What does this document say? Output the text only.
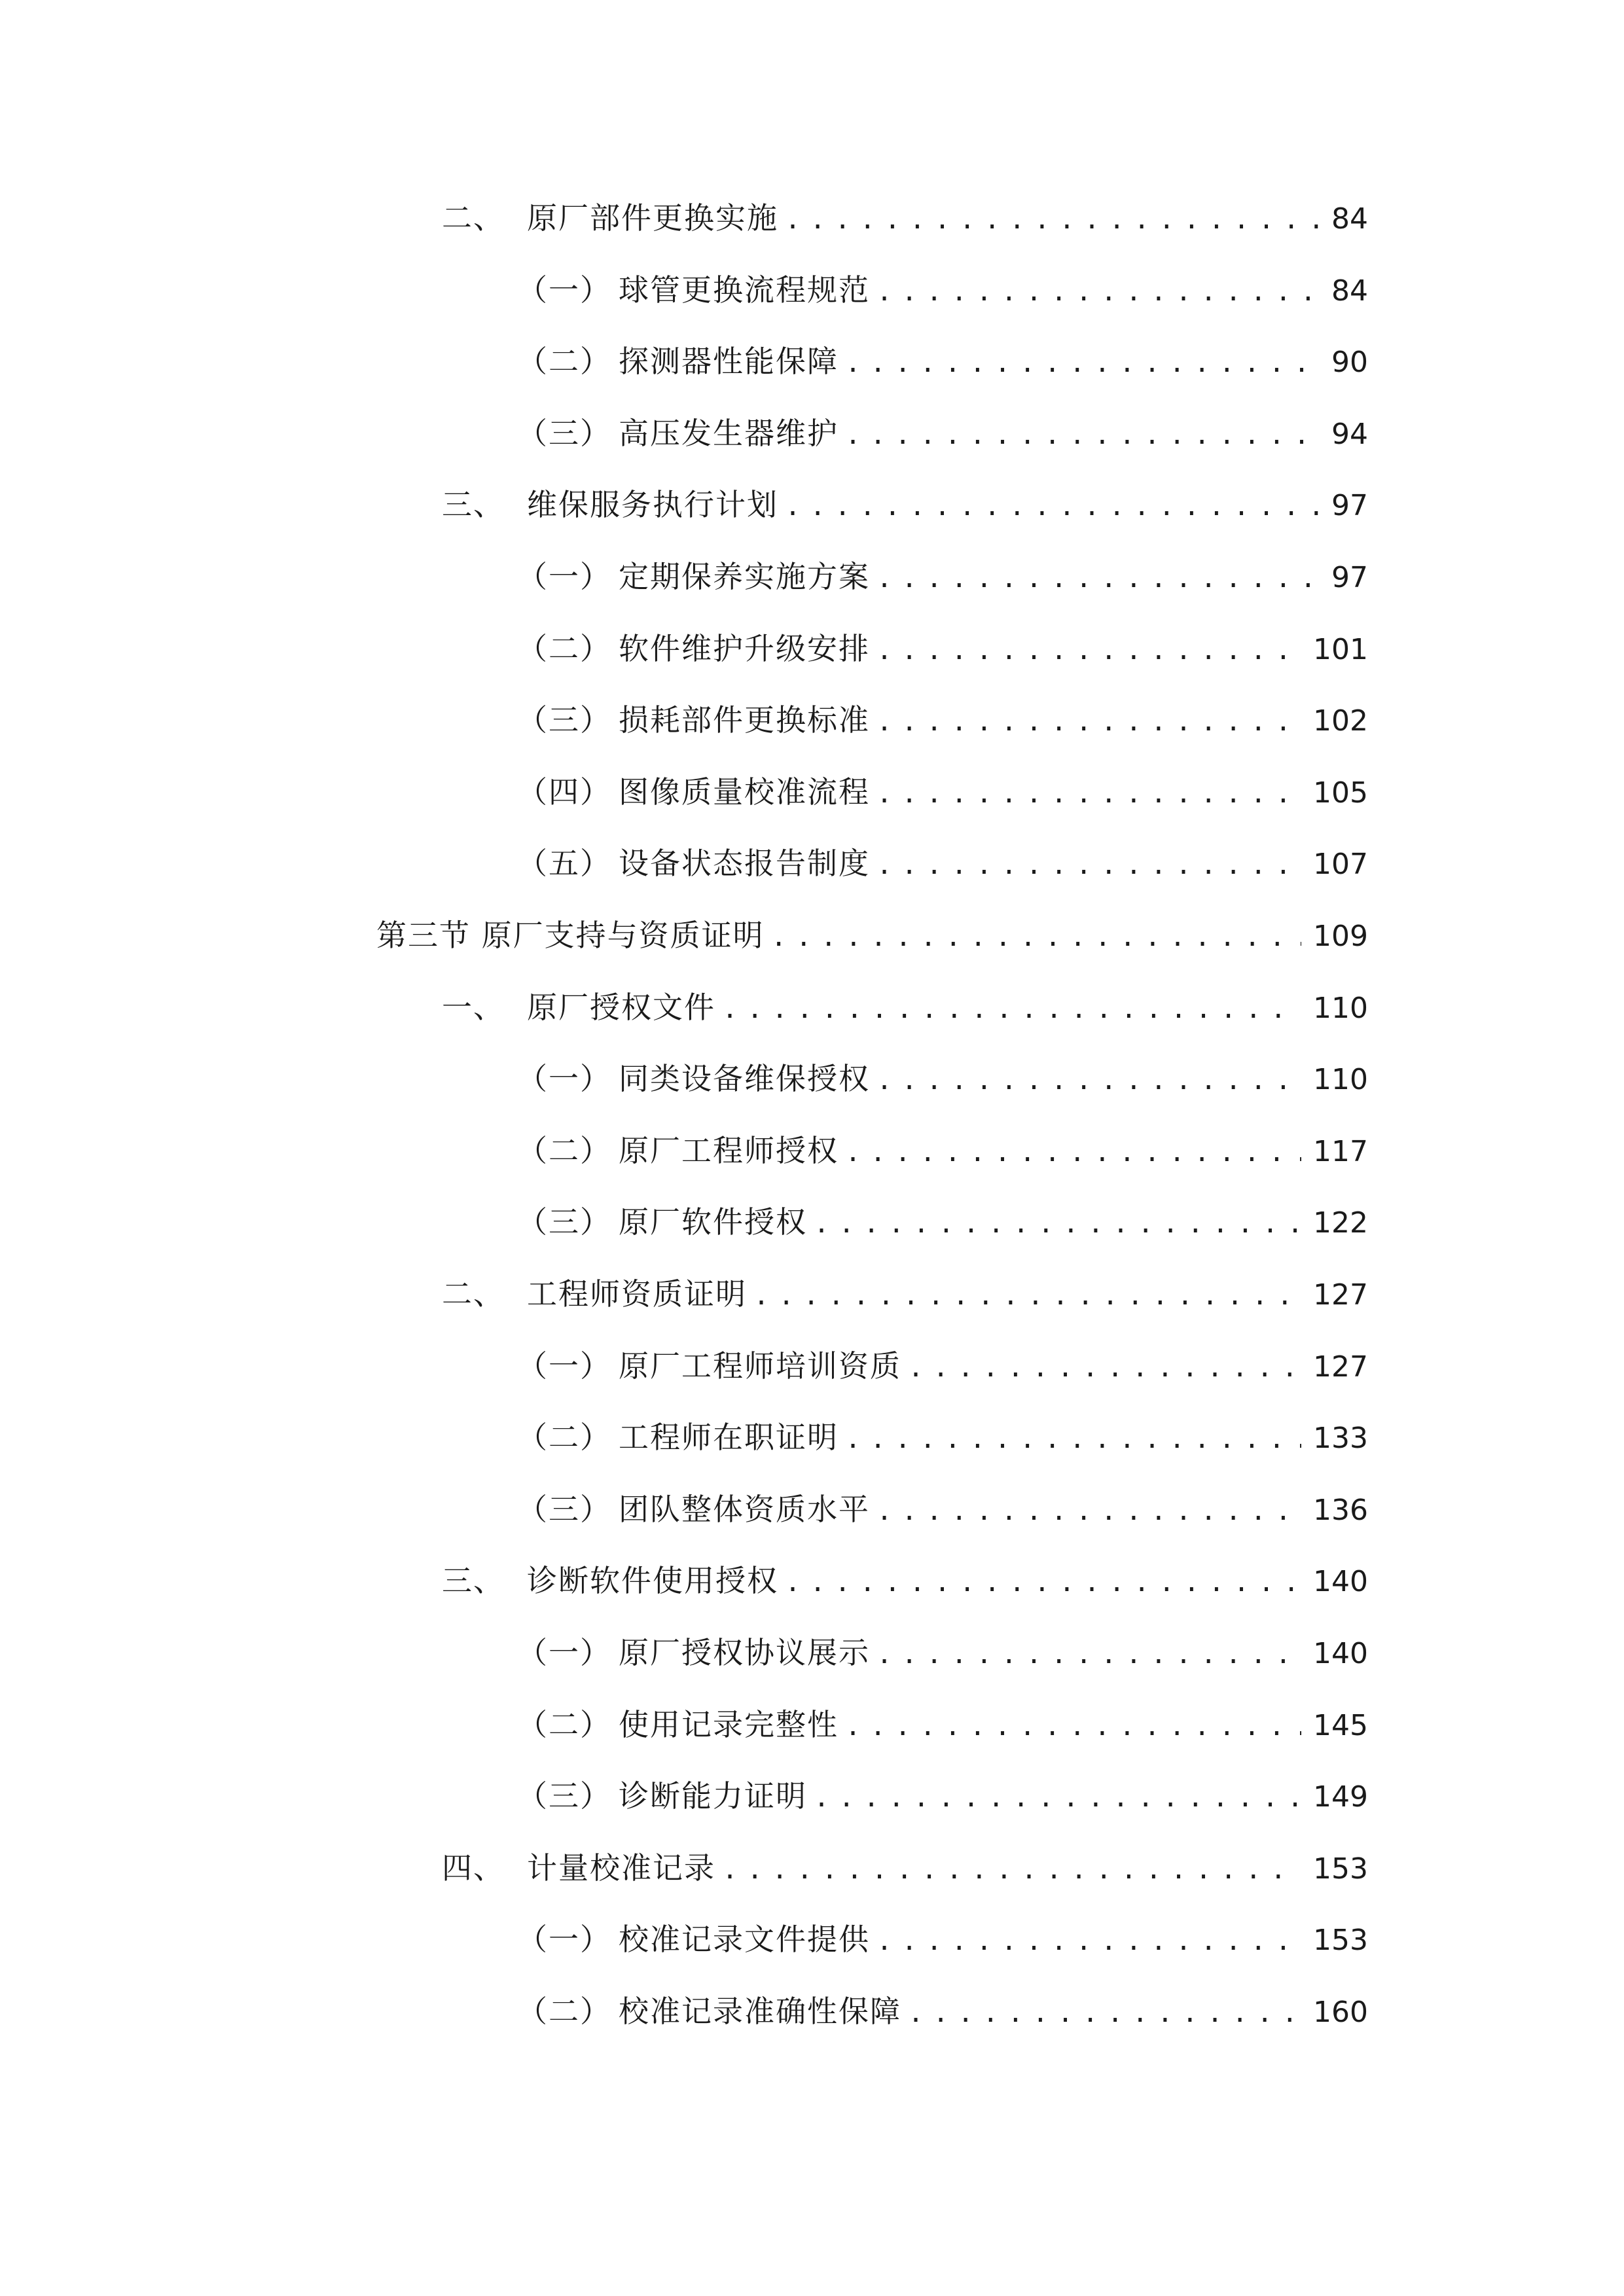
二、 原厂部件更换实施 .....	84
（一） 球管更换流程规范 .....	84
（二） 探测器性能保障 .....	90
（三） 高压发生器维护 .....	94
三、 维保服务执行计划 .....	97
（一） 定期保养实施方案 .....	97
（二） 软件维护升级安排 .....	101
（三） 损耗部件更换标准 .....	102
（四） 图像质量校准流程 .....	105
（五） 设备状态报告制度 .....	107
第三节 原厂支持与资质证明 .....	109
一、 原厂授权文件 .....	110
（一） 同类设备维保授权 .....	110
（二） 原厂工程师授权 .....	117
（三） 原厂软件授权 .....	122
二、 工程师资质证明 .....	127
（一） 原厂工程师培训资质 .....	127
（二） 工程师在职证明 .....	133
（三） 团队整体资质水平 .....	136
三、 诊断软件使用授权 .....	140
（一） 原厂授权协议展示 .....	140
（二） 使用记录完整性 .....	145
（三） 诊断能力证明 .....	149
四、 计量校准记录 .....	153
（一） 校准记录文件提供 .....	153
（二） 校准记录准确性保障 .....	160
